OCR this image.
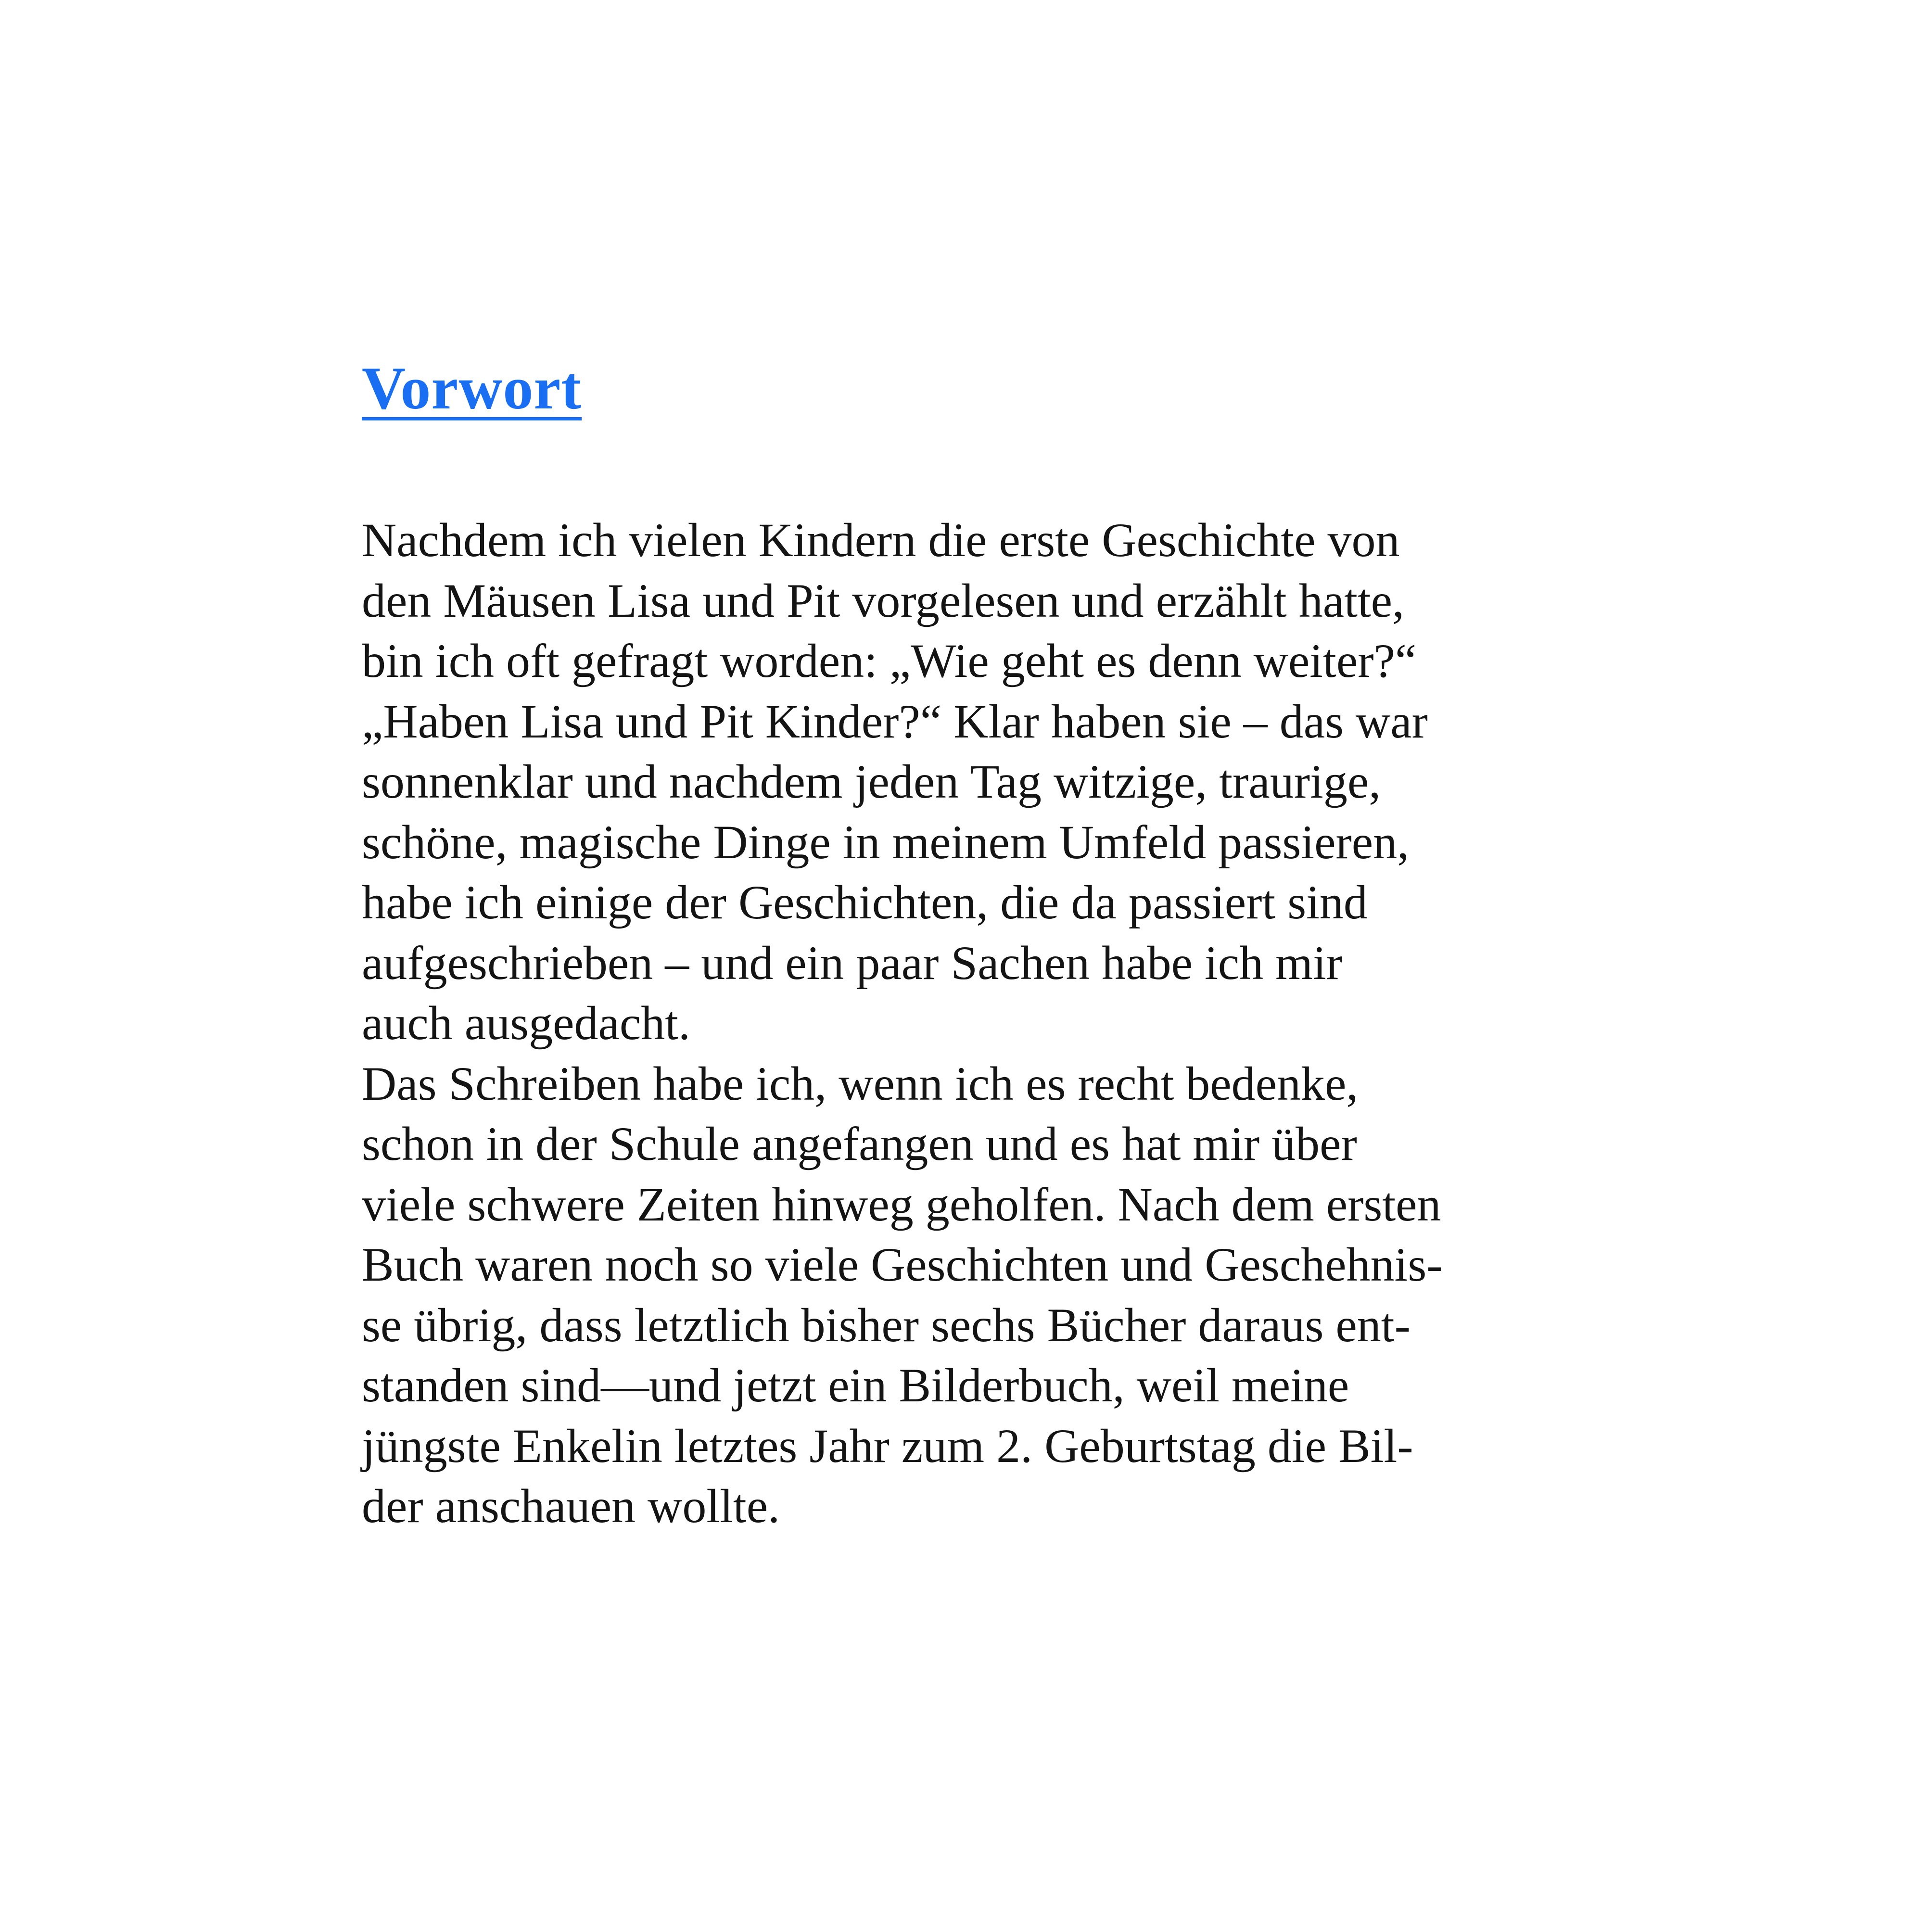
Vorwort
Nachdem ich vielen Kindern die erste Geschichte von
den Mäusen Lisa und Pit vorgelesen und erzählt hatte,
bin ich oft gefragt worden: „Wie geht es denn weiter?“
„Haben Lisa und Pit Kinder?“ Klar haben sie – das war
sonnenklar und nachdem jeden Tag witzige, traurige,
schöne, magische Dinge in meinem Umfeld passieren,
habe ich einige der Geschichten, die da passiert sind
aufgeschrieben – und ein paar Sachen habe ich mir
auch ausgedacht.
Das Schreiben habe ich, wenn ich es recht bedenke,
schon in der Schule angefangen und es hat mir über
viele schwere Zeiten hinweg geholfen. Nach dem ersten
Buch waren noch so viele Geschichten und Geschehnis-
se übrig, dass letztlich bisher sechs Bücher daraus ent-
standen sind—und jetzt ein Bilderbuch, weil meine
jüngste Enkelin letztes Jahr zum 2. Geburtstag die Bil-
der anschauen wollte.
